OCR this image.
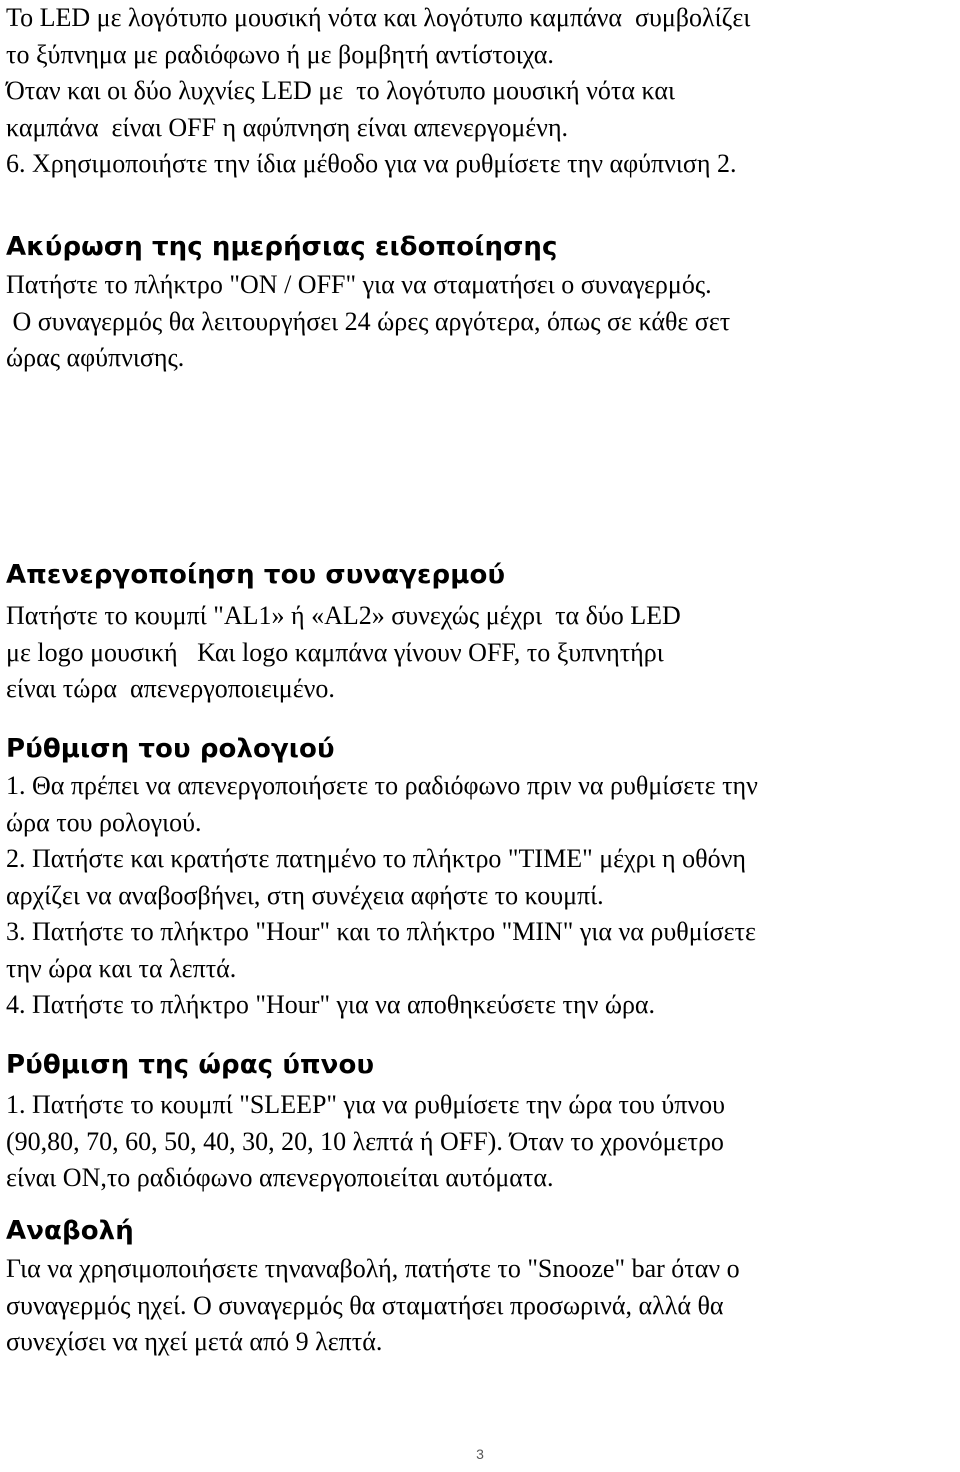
Το LED με λογότυπο μουσική νότα και λογότυπο καμπάνα  συμβολίζει

το ξύπνημα με ραδιόφωνο ή με βομβητή αντίστοιχα.

Όταν και οι δύο λυχνίες LED με  το λογότυπο μουσική νότα και

καμπάνα  είναι OFF η αφύπνηση είναι απενεργομένη.

6. Χρησιμοποιήστε την ίδια μέθοδο για να ρυθμίσετε την αφύπνιση 2.

Ακύρωση της ημερήσιας ειδοποίησης

Πατήστε το πλήκτρο "ON / OFF" για να σταματήσει ο συναγερμός.

Ο συναγερμός θα λειτουργήσει 24 ώρες αργότερα, όπως σε κάθε σετ

ώρας αφύπνισης.

Απενεργοποίηση του συναγερμού

Πατήστε το κουμπί "AL1» ή «AL2» συνεχώς μέχρι  τα δύο LED

με logo μουσική   Και logo καμπάνα γίνουν OFF, το ξυπνητήρι

είναι τώρα  απενεργοποιειμένο.

Ρύθμιση του ρολογιού

1. Θα πρέπει να απενεργοποιήσετε το ραδιόφωνο πριν να ρυθμίσετε την

ώρα του ρολογιού.

2. Πατήστε και κρατήστε πατημένο το πλήκτρο "TIME" μέχρι η οθόνη

αρχίζει να αναβοσβήνει, στη συνέχεια αφήστε το κουμπί.

3. Πατήστε το πλήκτρο "Hour" και το πλήκτρο "MIN" για να ρυθμίσετε

την ώρα και τα λεπτά.

4. Πατήστε το πλήκτρο "Hour" για να αποθηκεύσετε την ώρα.

Ρύθμιση της ώρας ύπνου

1. Πατήστε το κουμπί "SLEEP" για να ρυθμίσετε την ώρα του ύπνου

(90,80, 70, 60, 50, 40, 30, 20, 10 λεπτά ή OFF). Όταν το χρονόμετρο

είναι ON,το ραδιόφωνο απενεργοποιείται αυτόματα.

Αναβολή

Για να χρησιμοποιήσετε τηναναβολή, πατήστε το "Snooze" bar όταν ο

συναγερμός ηχεί. Ο συναγερμός θα σταματήσει προσωρινά, αλλά θα

συνεχίσει να ηχεί μετά από 9 λεπτά.

3
